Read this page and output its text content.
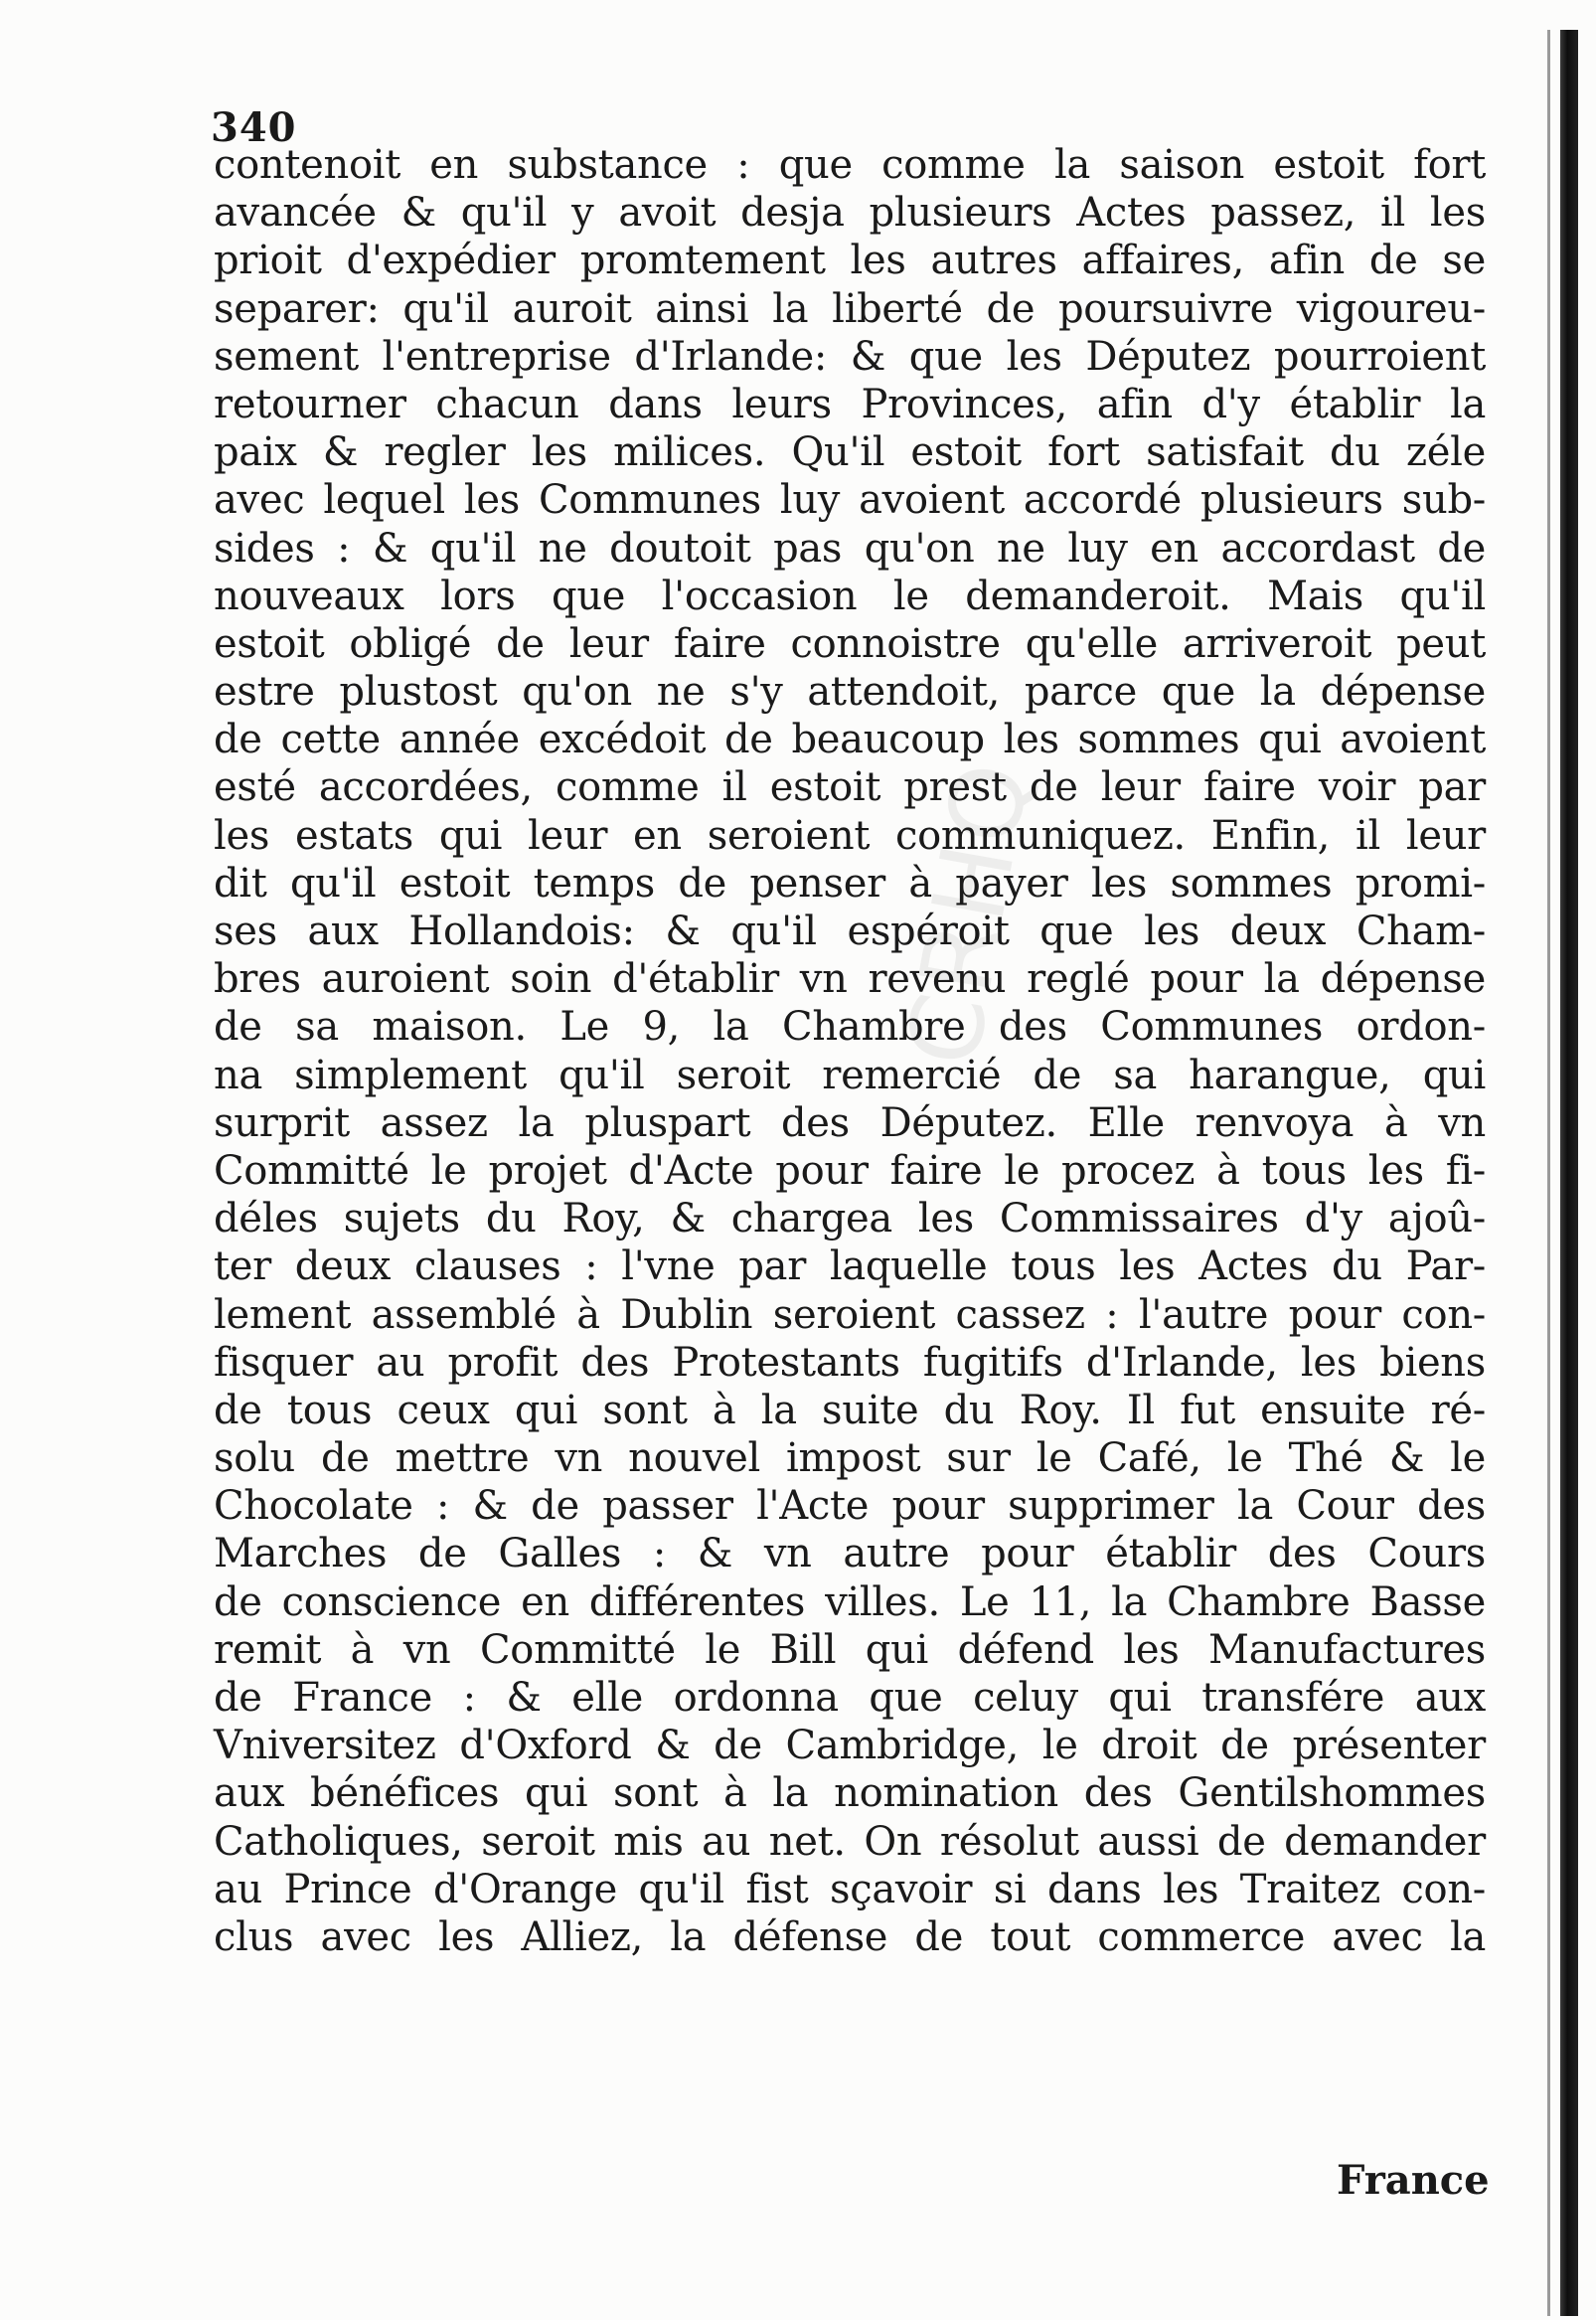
CRHQ
340
contenoit en substance : que comme la saison estoit fort
avancée & qu'il y avoit desja plusieurs Actes passez, il les
prioit d'expédier promtement les autres affaires, afin de se
separer: qu'il auroit ainsi la liberté de poursuivre vigoureu-
sement l'entreprise d'Irlande: & que les Députez pourroient
retourner chacun dans leurs Provinces, afin d'y établir la
paix & regler les milices. Qu'il estoit fort satisfait du zéle
avec lequel les Communes luy avoient accordé plusieurs sub-
sides : & qu'il ne doutoit pas qu'on ne luy en accordast de
nouveaux lors que l'occasion le demanderoit. Mais qu'il
estoit obligé de leur faire connoistre qu'elle arriveroit peut
estre plustost qu'on ne s'y attendoit, parce que la dépense
de cette année excédoit de beaucoup les sommes qui avoient
esté accordées, comme il estoit prest de leur faire voir par
les estats qui leur en seroient communiquez. Enfin, il leur
dit qu'il estoit temps de penser à payer les sommes promi-
ses aux Hollandois: & qu'il espéroit que les deux Cham-
bres auroient soin d'établir vn revenu reglé pour la dépense
de sa maison. Le 9, la Chambre des Communes ordon-
na simplement qu'il seroit remercié de sa harangue, qui
surprit assez la pluspart des Députez. Elle renvoya à vn
Committé le projet d'Acte pour faire le procez à tous les fi-
déles sujets du Roy, & chargea les Commissaires d'y ajoû-
ter deux clauses : l'vne par laquelle tous les Actes du Par-
lement assemblé à Dublin seroient cassez : l'autre pour con-
fisquer au profit des Protestants fugitifs d'Irlande, les biens
de tous ceux qui sont à la suite du Roy. Il fut ensuite ré-
solu de mettre vn nouvel impost sur le Café, le Thé & le
Chocolate : & de passer l'Acte pour supprimer la Cour des
Marches de Galles : & vn autre pour établir des Cours
de conscience en différentes villes. Le 11, la Chambre Basse
remit à vn Committé le Bill qui défend les Manufactures
de France : & elle ordonna que celuy qui transfére aux
Vniversitez d'Oxford & de Cambridge, le droit de présenter
aux bénéfices qui sont à la nomination des Gentilshommes
Catholiques, seroit mis au net. On résolut aussi de demander
au Prince d'Orange qu'il fist sçavoir si dans les Traitez con-
clus avec les Alliez, la défense de tout commerce avec la
France
